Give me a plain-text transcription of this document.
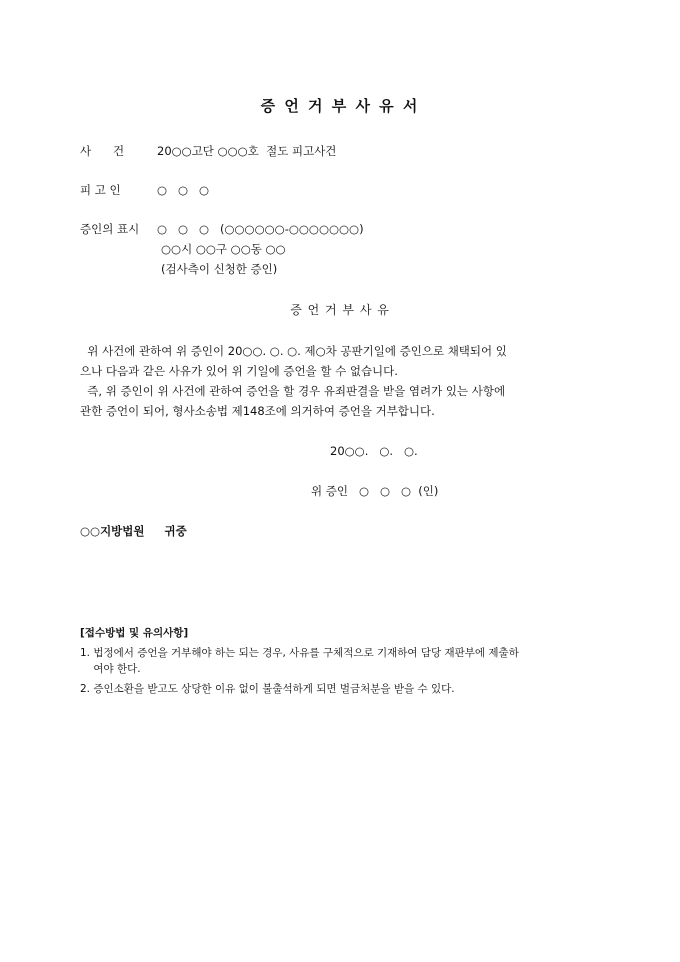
증 언 거 부 사 유 서
사      건	20○○고단 ○○○호  절도 피고사건
피 고 인	○   ○   ○
증인의 표시 ○   ○   ○   (○○○○○○-○○○○○○○)
○○시 ○○구 ○○동 ○○
(검사측이 신청한 증인)
증 언 거 부 사 유
위 사건에 관하여 위 증인이 20○○. ○. ○. 제○차 공판기일에 증인으로 채택되어 있
으나 다음과 같은 사유가 있어 위 기일에 증언을 할 수 없습니다.
즉, 위 증인이 위 사건에 관하여 증언을 할 경우 유죄판결을 받을 염려가 있는 사항에
관한 증언이 되어, 형사소송법 제148조에 의거하여 증언을 거부합니다.
20○○.   ○.   ○.
위 증인   ○   ○   ○  (인)
○○지방법원     귀중
[접수방법 및 유의사항]
1. 법정에서 증언을 거부해야 하는 되는 경우, 사유를 구체적으로 기재하여 담당 재판부에 제출하
여야 한다.
2. 증인소환을 받고도 상당한 이유 없이 불출석하게 되면 벌금처분을 받을 수 있다.
